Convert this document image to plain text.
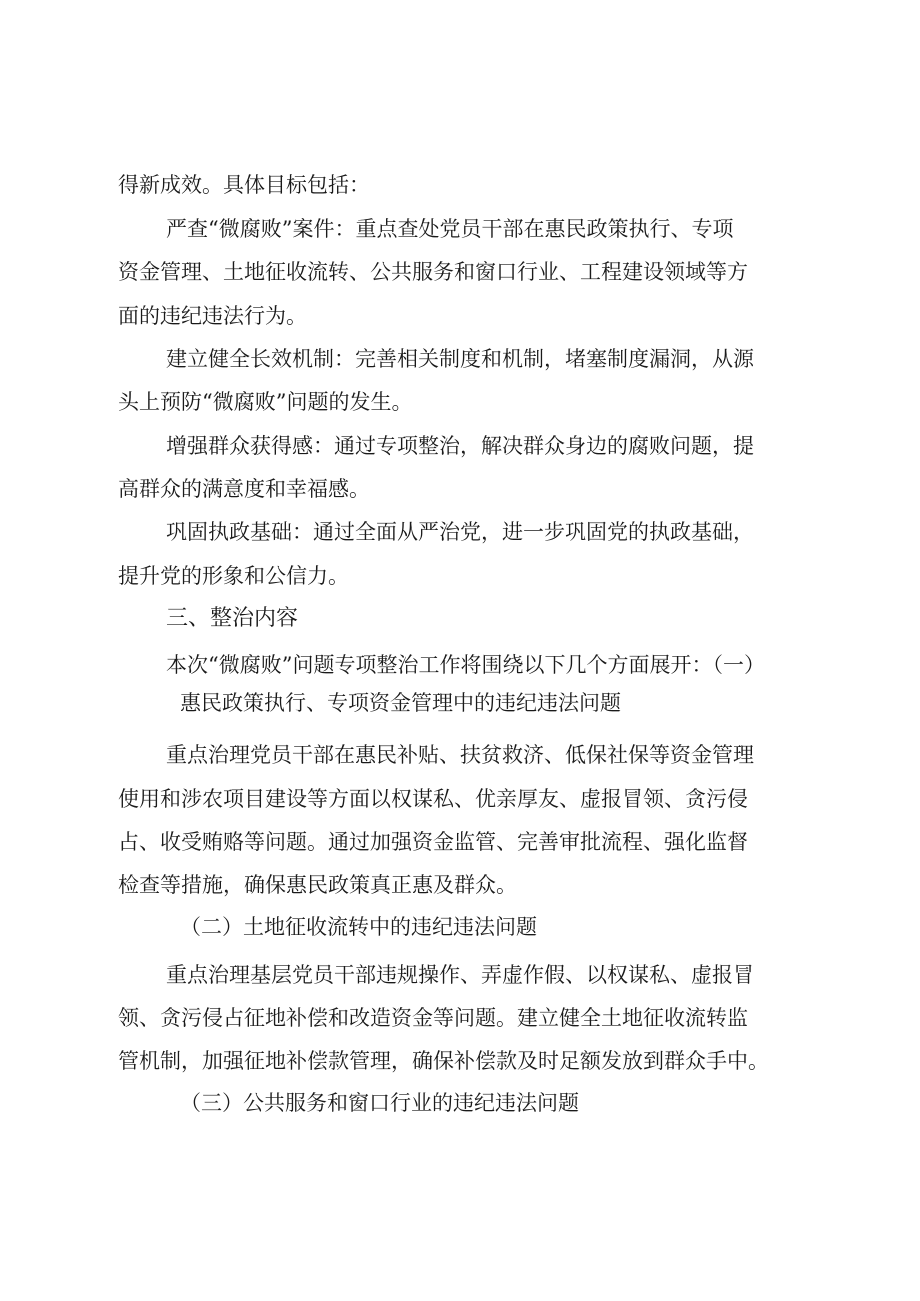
得新成效。具体目标包括：
严查“微腐败”案件：重点查处党员干部在惠民政策执行、专项
资金管理、土地征收流转、公共服务和窗口行业、工程建设领域等方
面的违纪违法行为。
建立健全长效机制：完善相关制度和机制，堵塞制度漏洞，从源
头上预防“微腐败”问题的发生。
增强群众获得感：通过专项整治，解决群众身边的腐败问题，提
高群众的满意度和幸福感。
巩固执政基础：通过全面从严治党，进一步巩固党的执政基础，
提升党的形象和公信力。
三、整治内容
本次“微腐败”问题专项整治工作将围绕以下几个方面展开：（一）
惠民政策执行、专项资金管理中的违纪违法问题
重点治理党员干部在惠民补贴、扶贫救济、低保社保等资金管理
使用和涉农项目建设等方面以权谋私、优亲厚友、虚报冒领、贪污侵
占、收受贿赂等问题。通过加强资金监管、完善审批流程、强化监督
检查等措施，确保惠民政策真正惠及群众。
（二）土地征收流转中的违纪违法问题
重点治理基层党员干部违规操作、弄虚作假、以权谋私、虚报冒
领、贪污侵占征地补偿和改造资金等问题。建立健全土地征收流转监
管机制，加强征地补偿款管理，确保补偿款及时足额发放到群众手中。
（三）公共服务和窗口行业的违纪违法问题
